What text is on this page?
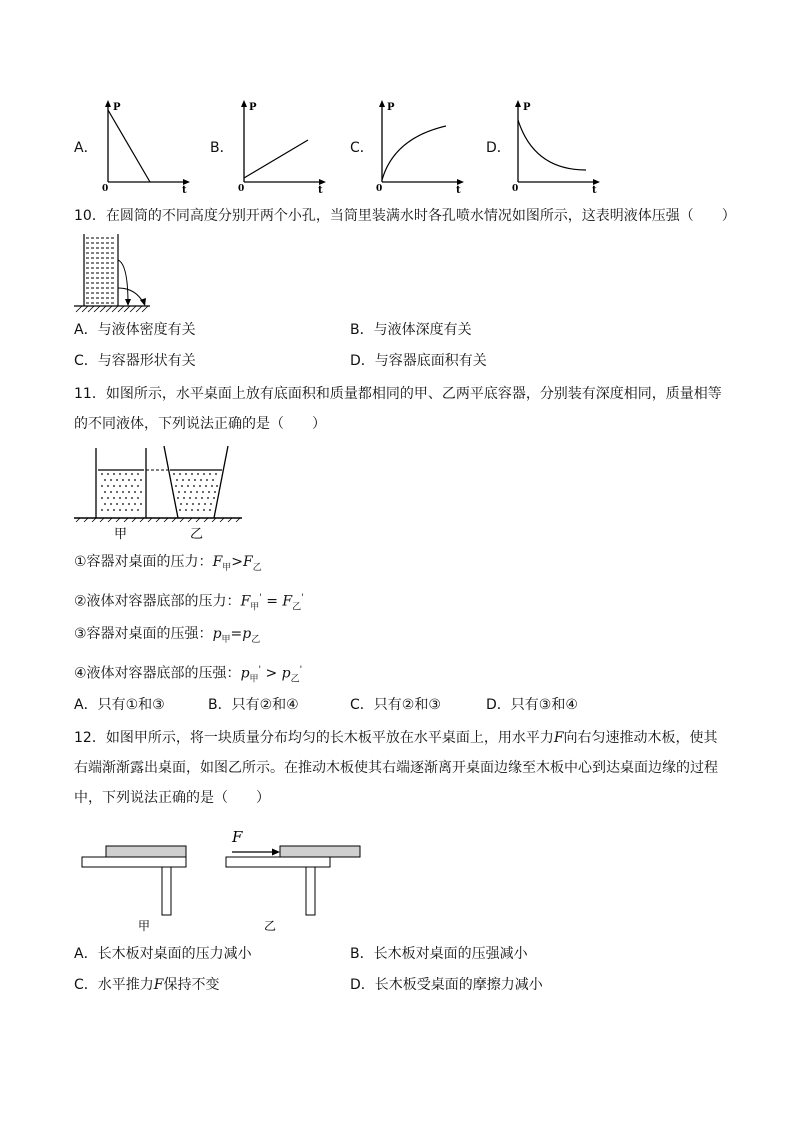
A．
P
t
0
B．
P
t
0
C．
P
t
0
D．
P
t
0
10．在圆筒的不同高度分别开两个小孔，当筒里装满水时各孔喷水情况如图所示，这表明液体压强（　　）
A．与液体密度有关	B．与液体深度有关
C．与容器形状有关	D．与容器底面积有关
11．如图所示，水平桌面上放有底面积和质量都相同的甲、乙两平底容器，分别装有深度相同，质量相等
的不同液体，下列说法正确的是（　　）
甲	乙
①容器对桌面的压力：$F_甲>F_乙$
②液体对容器底部的压力：$F_甲' = F_乙'$
③容器对桌面的压强：$p_甲=p_乙$
④液体对容器底部的压强：$p_甲' > p_乙'$
A．只有①和③	B．只有②和④	C．只有②和③	D．只有③和④
12．如图甲所示，将一块质量分布均匀的长木板平放在水平桌面上，用水平力F向右匀速推动木板，使其
右端渐渐露出桌面，如图乙所示。在推动木板使其右端逐渐离开桌面边缘至木板中心到达桌面边缘的过程
中，下列说法正确的是（　　）
甲
F
乙
A．长木板对桌面的压力减小	B．长木板对桌面的压强减小
C．水平推力F保持不变	D．长木板受桌面的摩擦力减小
